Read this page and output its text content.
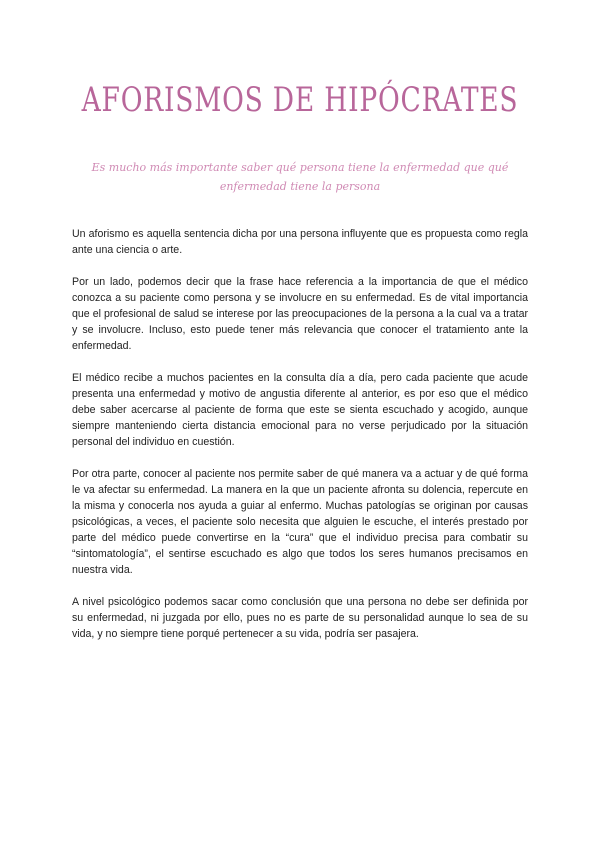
AFORISMOS DE HIPÓCRATES

Es mucho más importante saber qué persona tiene la enfermedad que qué enfermedad tiene la persona

Un aforismo es aquella sentencia dicha por una persona influyente que es propuesta como regla ante una ciencia o arte.

Por un lado, podemos decir que la frase hace referencia a la importancia de que el médico conozca a su paciente como persona y se involucre en su enfermedad. Es de vital importancia que el profesional de salud se interese por las preocupaciones de la persona a la cual va a tratar y se involucre. Incluso, esto puede tener más relevancia que conocer el tratamiento ante la enfermedad.

El médico recibe a muchos pacientes en la consulta día a día, pero cada paciente que acude presenta una enfermedad y motivo de angustia diferente al anterior, es por eso que el médico debe saber acercarse al paciente de forma que este se sienta escuchado y acogido, aunque siempre manteniendo cierta distancia emocional para no verse perjudicado por la situación personal del individuo en cuestión.

Por otra parte, conocer al paciente nos permite saber de qué manera va a actuar y de qué forma le va afectar su enfermedad. La manera en la que un paciente afronta su dolencia, repercute en la misma y conocerla nos ayuda a guiar al enfermo. Muchas patologías se originan por causas psicológicas, a veces, el paciente solo necesita que alguien le escuche, el interés prestado por parte del médico puede convertirse en la “cura” que el individuo precisa para combatir su “sintomatología”, el sentirse escuchado es algo que todos los seres humanos precisamos en nuestra vida.

A nivel psicológico podemos sacar como conclusión que una persona no debe ser definida por su enfermedad, ni juzgada por ello, pues no es parte de su personalidad aunque lo sea de su vida, y no siempre tiene porqué pertenecer a su vida, podría ser pasajera.
